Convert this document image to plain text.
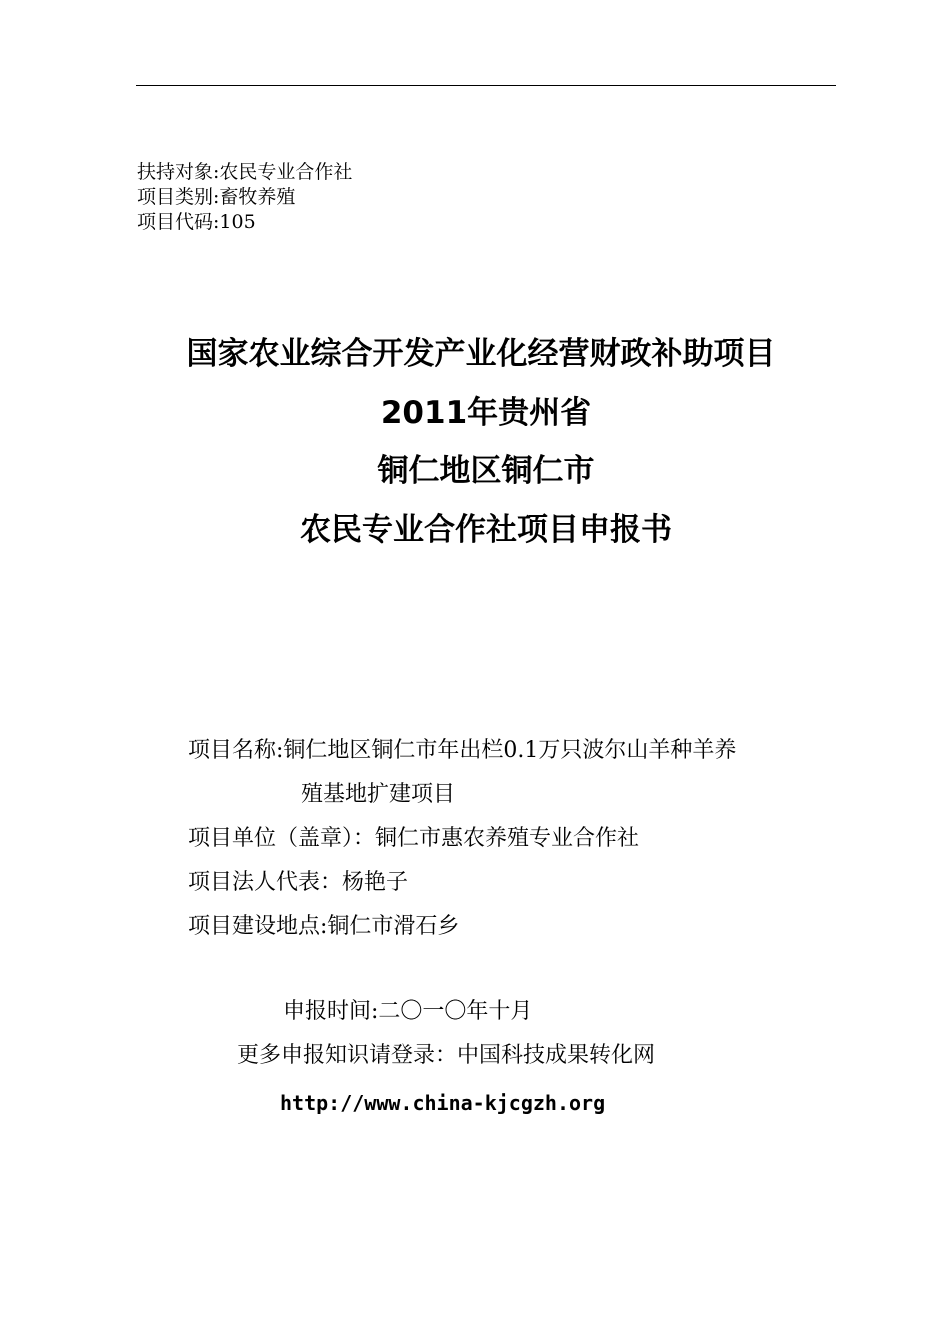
扶持对象:农民专业合作社
项目类别:畜牧养殖
项目代码:105
国家农业综合开发产业化经营财政补助项目
2011年贵州省
铜仁地区铜仁市
农民专业合作社项目申报书
项目名称:铜仁地区铜仁市年出栏0.1万只波尔山羊种羊养
殖基地扩建项目
项目单位（盖章）：铜仁市惠农养殖专业合作社
项目法人代表：杨艳子
项目建设地点:铜仁市滑石乡
申报时间:二〇一〇年十月
更多申报知识请登录：中国科技成果转化网
http://www.china-kjcgzh.org
